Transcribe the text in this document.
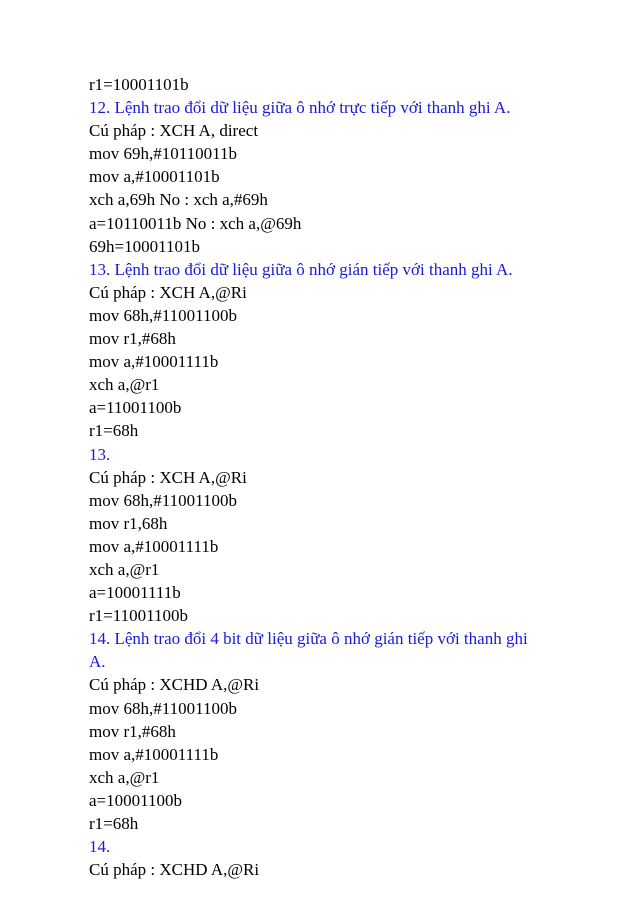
r1=10001101b

12. Lệnh trao đổi dữ liệu giữa ô nhớ trực tiếp với thanh ghi A.

Cú pháp : XCH A, direct

mov 69h,#10110011b

mov a,#10001101b

xch a,69h No : xch a,#69h

a=10110011b No : xch a,@69h

69h=10001101b

13. Lệnh trao đổi dữ liệu giữa ô nhớ gián tiếp với thanh ghi A.

Cú pháp : XCH A,@Ri

mov 68h,#11001100b

mov r1,#68h

mov a,#10001111b

xch a,@r1

a=11001100b

r1=68h

13.

Cú pháp : XCH A,@Ri

mov 68h,#11001100b

mov r1,68h

mov a,#10001111b

xch a,@r1

a=10001111b

r1=11001100b

14. Lệnh trao đổi 4 bit dữ liệu giữa ô nhớ gián tiếp với thanh ghi

A.

Cú pháp : XCHD A,@Ri

mov 68h,#11001100b

mov r1,#68h

mov a,#10001111b

xch a,@r1

a=10001100b

r1=68h

14.

Cú pháp : XCHD A,@Ri
